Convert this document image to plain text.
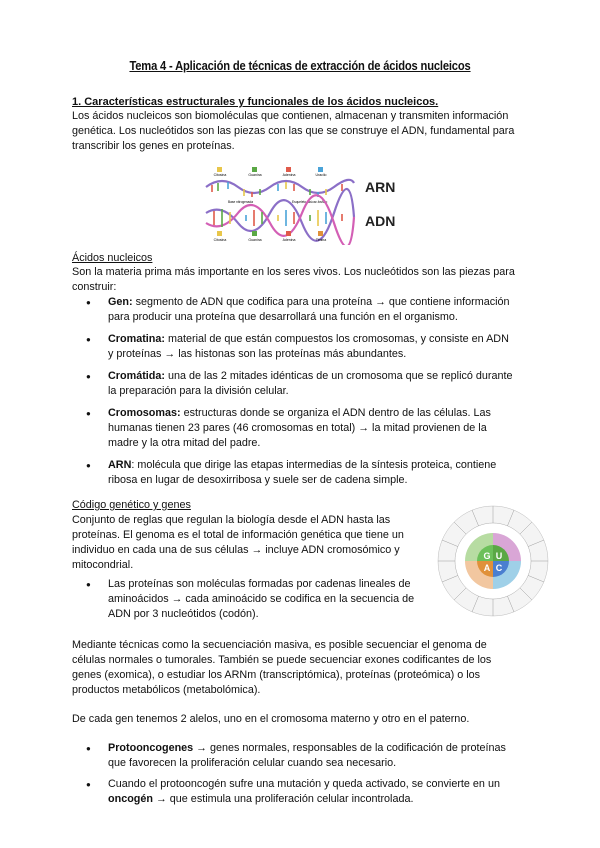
Tema 4 - Aplicación de técnicas de extracción de ácidos nucleicos
1. Características estructurales y funcionales de los ácidos nucleicos.
Los ácidos nucleicos son biomoléculas que contienen, almacenan y transmiten información
genética. Los nucleótidos son las piezas con las que se construye el ADN, fundamental para
transcribir los genes en proteínas.
Citosina	Guanina	Adenina	Uracilo
Base nitrogenada	Esqueleto azúcar-fosfato
Citosina	Guanina	Adenina	Timina
ARN
ADN
Ácidos nucleicos
Son la materia prima más importante en los seres vivos. Los nucleótidos son las piezas para
construir:
● Gen: segmento de ADN que codifica para una proteína → que contiene información
para producir una proteína que desarrollará una función en el organismo.
● Cromatina: material de que están compuestos los cromosomas, y consiste en ADN
y proteínas → las histonas son las proteínas más abundantes.
● Cromátida: una de las 2 mitades idénticas de un cromosoma que se replicó durante
la preparación para la división celular.
● Cromosomas: estructuras donde se organiza el ADN dentro de las células. Las
humanas tienen 23 pares (46 cromosomas en total) → la mitad provienen de la
madre y la otra mitad del padre.
● ARN: molécula que dirige las etapas intermedias de la síntesis proteica, contiene
ribosa en lugar de desoxirribosa y suele ser de cadena simple.
Código genético y genes
Conjunto de reglas que regulan la biología desde el ADN hasta las
proteínas. El genoma es el total de información genética que tiene un
individuo en cada una de sus células → incluye ADN cromosómico y
mitocondrial.
● Las proteínas son moléculas formadas por cadenas lineales de
aminoácidos → cada aminoácido se codifica en la secuencia de
ADN por 3 nucleótidos (codón).
G U
A C
Mediante técnicas como la secuenciación masiva, es posible secuenciar el genoma de
células normales o tumorales. También se puede secuenciar exones codificantes de los
genes (exomica), o estudiar los ARNm (transcriptómica), proteínas (proteómica) o los
productos metabólicos (metabolómica).
De cada gen tenemos 2 alelos, uno en el cromosoma materno y otro en el paterno.
● Protooncogenes → genes normales, responsables de la codificación de proteínas
que favorecen la proliferación celular cuando sea necesario.
● Cuando el protooncogén sufre una mutación y queda activado, se convierte en un
oncogén → que estimula una proliferación celular incontrolada.
